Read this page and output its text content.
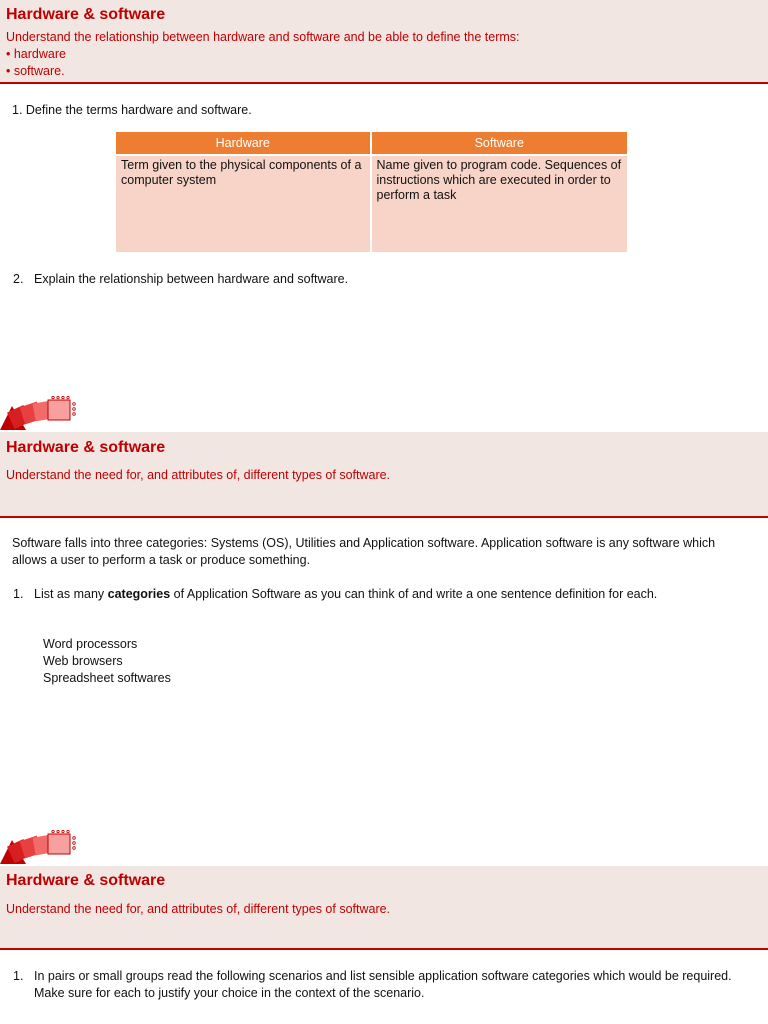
Hardware & software
Understand the relationship between hardware and software and be able to define the terms:
• hardware
• software.
1. Define the terms hardware and software.
Hardware	Software
Term given to the physical components of a computer system	Name given to program code. Sequences of instructions which are executed in order to perform a task
2. Explain the relationship between hardware and software.
Hardware & software
Understand the need for, and attributes of, different types of software.
Software falls into three categories: Systems (OS), Utilities and Application software. Application software is any software which allows a user to perform a task or produce something.
1. List as many categories of Application Software as you can think of and write a one sentence definition for each.
Word processors
Web browsers
Spreadsheet softwares
Hardware & software
Understand the need for, and attributes of, different types of software.
1. In pairs or small groups read the following scenarios and list sensible application software categories which would be required. Make sure for each to justify your choice in the context of the scenario.
